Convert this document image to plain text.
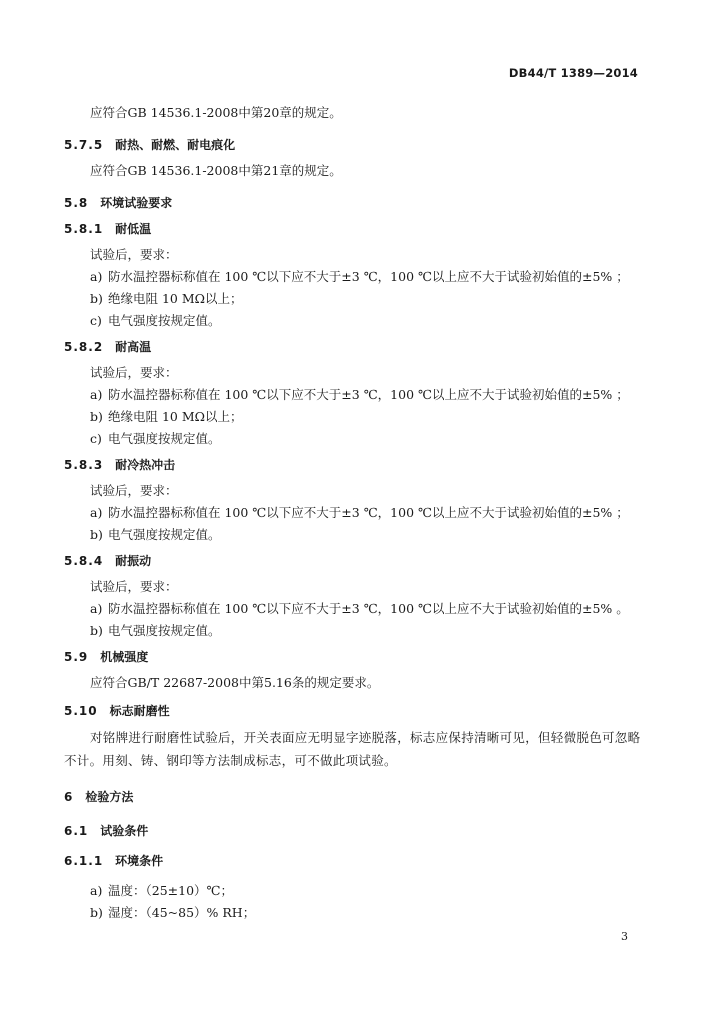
DB44/T 1389—2014
应符合GB 14536.1-2008中第20章的规定。
5.7.5 耐热、耐燃、耐电痕化
应符合GB 14536.1-2008中第21章的规定。
5.8 环境试验要求
5.8.1 耐低温
试验后，要求：
a) 防水温控器标称值在 100 ℃以下应不大于±3 ℃，100 ℃以上应不大于试验初始值的±5% ；
b) 绝缘电阻 10 MΩ以上；
c) 电气强度按规定值。
5.8.2 耐高温
试验后，要求：
a) 防水温控器标称值在 100 ℃以下应不大于±3 ℃，100 ℃以上应不大于试验初始值的±5% ；
b) 绝缘电阻 10 MΩ以上；
c) 电气强度按规定值。
5.8.3 耐冷热冲击
试验后，要求：
a) 防水温控器标称值在 100 ℃以下应不大于±3 ℃，100 ℃以上应不大于试验初始值的±5% ；
b) 电气强度按规定值。
5.8.4 耐振动
试验后，要求：
a) 防水温控器标称值在 100 ℃以下应不大于±3 ℃，100 ℃以上应不大于试验初始值的±5% 。
b) 电气强度按规定值。
5.9 机械强度
应符合GB/T 22687-2008中第5.16条的规定要求。
5.10 标志耐磨性
对铭牌进行耐磨性试验后，开关表面应无明显字迹脱落，标志应保持清晰可见，但轻微脱色可忽略不计。用刻、铸、钢印等方法制成标志，可不做此项试验。
6 检验方法
6.1 试验条件
6.1.1 环境条件
a) 温度：（25±10）℃；
b) 湿度：（45~85）% RH；
3
